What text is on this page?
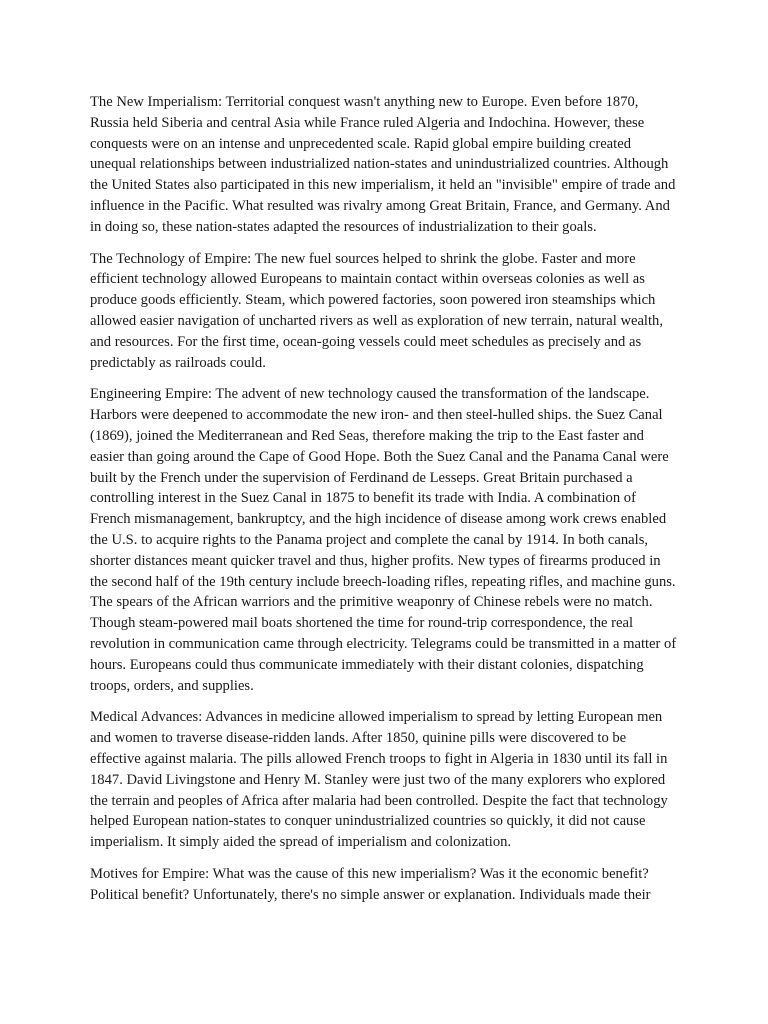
The New Imperialism: Territorial conquest wasn't anything new to Europe. Even before 1870, Russia held Siberia and central Asia while France ruled Algeria and Indochina. However, these conquests were on an intense and unprecedented scale. Rapid global empire building created unequal relationships between industrialized nation-states and unindustrialized countries. Although the United States also participated in this new imperialism, it held an "invisible" empire of trade and influence in the Pacific. What resulted was rivalry among Great Britain, France, and Germany. And in doing so, these nation-states adapted the resources of industrialization to their goals.

The Technology of Empire: The new fuel sources helped to shrink the globe. Faster and more efficient technology allowed Europeans to maintain contact within overseas colonies as well as produce goods efficiently. Steam, which powered factories, soon powered iron steamships which allowed easier navigation of uncharted rivers as well as exploration of new terrain, natural wealth, and resources. For the first time, ocean-going vessels could meet schedules as precisely and as predictably as railroads could.

Engineering Empire: The advent of new technology caused the transformation of the landscape. Harbors were deepened to accommodate the new iron- and then steel-hulled ships. the Suez Canal (1869), joined the Mediterranean and Red Seas, therefore making the trip to the East faster and easier than going around the Cape of Good Hope. Both the Suez Canal and the Panama Canal were built by the French under the supervision of Ferdinand de Lesseps. Great Britain purchased a controlling interest in the Suez Canal in 1875 to benefit its trade with India. A combination of French mismanagement, bankruptcy, and the high incidence of disease among work crews enabled the U.S. to acquire rights to the Panama project and complete the canal by 1914. In both canals, shorter distances meant quicker travel and thus, higher profits. New types of firearms produced in the second half of the 19th century include breech-loading rifles, repeating rifles, and machine guns. The spears of the African warriors and the primitive weaponry of Chinese rebels were no match. Though steam-powered mail boats shortened the time for round-trip correspondence, the real revolution in communication came through electricity. Telegrams could be transmitted in a matter of hours. Europeans could thus communicate immediately with their distant colonies, dispatching troops, orders, and supplies.

Medical Advances: Advances in medicine allowed imperialism to spread by letting European men and women to traverse disease-ridden lands. After 1850, quinine pills were discovered to be effective against malaria. The pills allowed French troops to fight in Algeria in 1830 until its fall in 1847. David Livingstone and Henry M. Stanley were just two of the many explorers who explored the terrain and peoples of Africa after malaria had been controlled. Despite the fact that technology helped European nation-states to conquer unindustrialized countries so quickly, it did not cause imperialism. It simply aided the spread of imperialism and colonization.

Motives for Empire: What was the cause of this new imperialism? Was it the economic benefit? Political benefit? Unfortunately, there's no simple answer or explanation. Individuals made their
